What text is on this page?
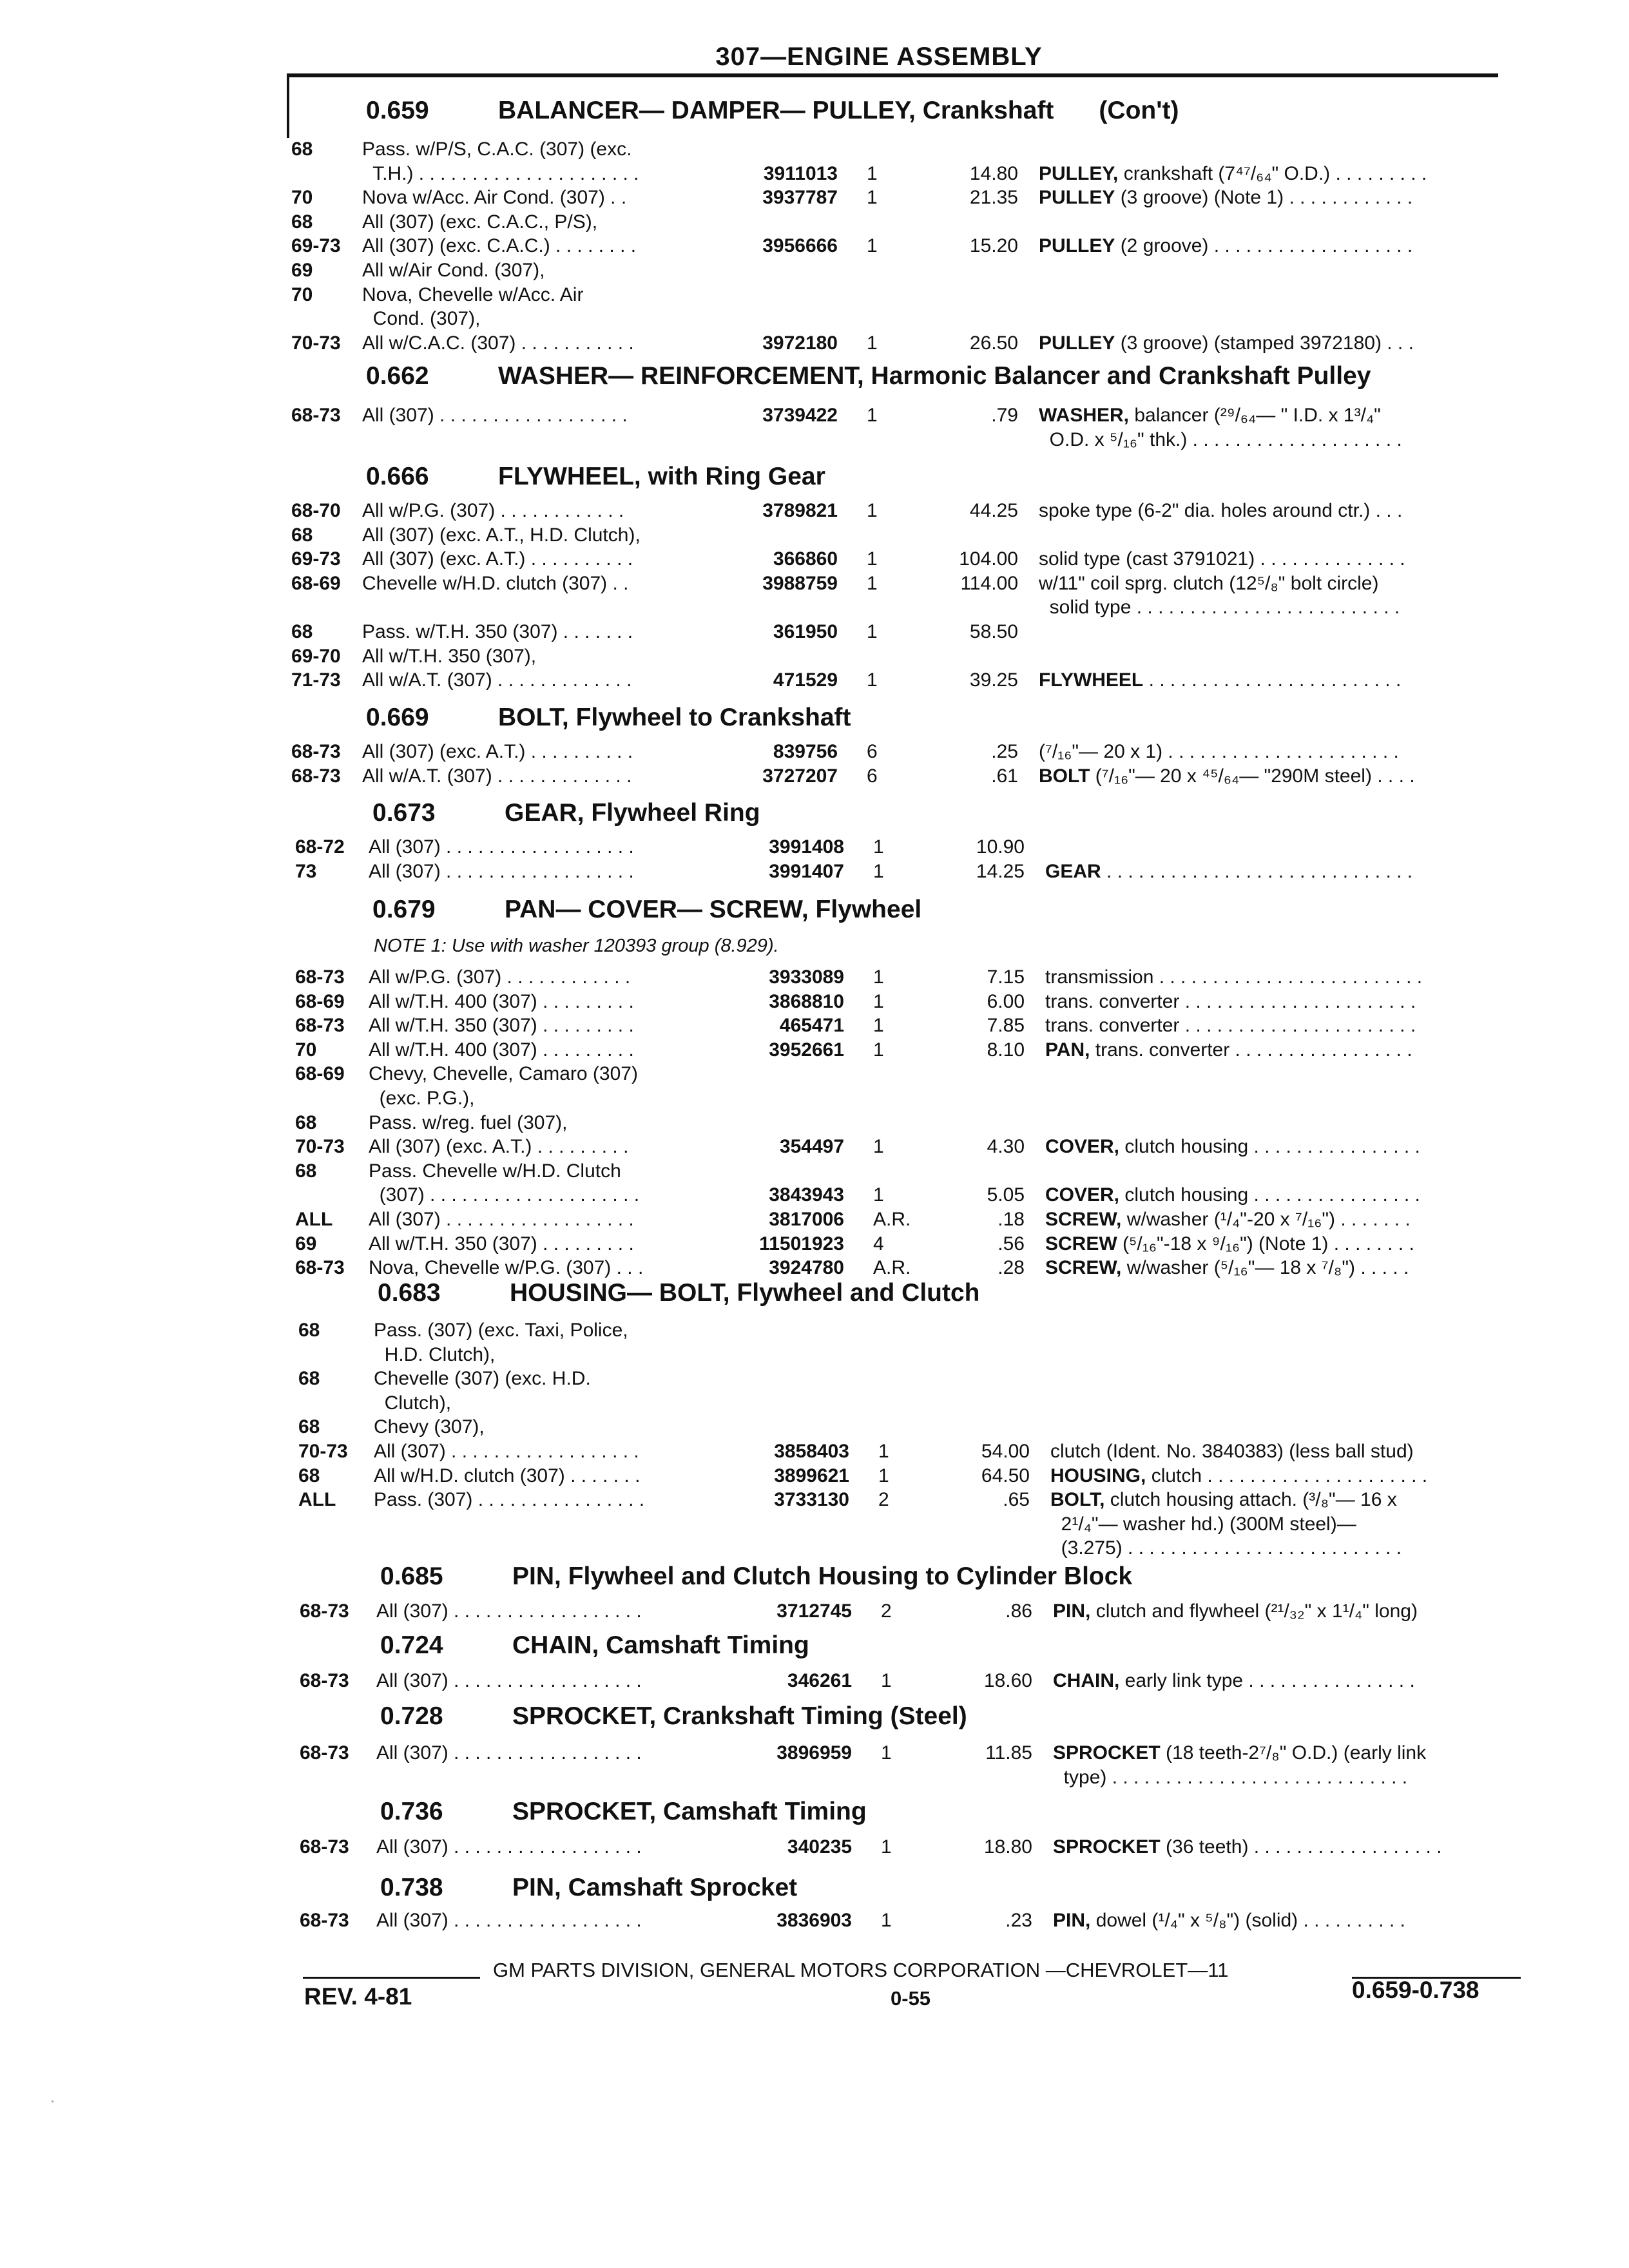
307—ENGINE ASSEMBLY
0.659	BALANCER— DAMPER— PULLEY, Crankshaft (Con't)
68	Pass. w/P/S, C.A.C. (307) (exc.
T.H.) . . . . . . . . . . . . . . . . . . . . .	3911013 1	14.80 PULLEY, crankshaft (7⁴⁷/₆₄" O.D.) . . . . . . . . .
70	Nova w/Acc. Air Cond. (307) . .	3937787 1	21.35 PULLEY (3 groove) (Note 1) . . . . . . . . . . . .
68	All (307) (exc. C.A.C., P/S),
69-73 All (307) (exc. C.A.C.) . . . . . . . .	3956666 1	15.20 PULLEY (2 groove) . . . . . . . . . . . . . . . . . . .
69	All w/Air Cond. (307),
70	Nova, Chevelle w/Acc. Air
Cond. (307),
70-73 All w/C.A.C. (307) . . . . . . . . . . .	3972180 1	26.50 PULLEY (3 groove) (stamped 3972180) . . .
0.662	WASHER— REINFORCEMENT, Harmonic Balancer and Crankshaft Pulley
68-73 All (307) . . . . . . . . . . . . . . . . . .	3739422 1	.79 WASHER, balancer (²⁹/₆₄— " I.D. x 1³/₄"
O.D. x ⁵/₁₆" thk.) . . . . . . . . . . . . . . . . . . . .
0.666	FLYWHEEL, with Ring Gear
68-70 All w/P.G. (307) . . . . . . . . . . . .	3789821 1	44.25 spoke type (6-2" dia. holes around ctr.) . . .
68	All (307) (exc. A.T., H.D. Clutch),
69-73 All (307) (exc. A.T.) . . . . . . . . . .	366860 1	104.00 solid type (cast 3791021) . . . . . . . . . . . . . .
68-69 Chevelle w/H.D. clutch (307) . .	3988759 1	114.00 w/11" coil sprg. clutch (12⁵/₈" bolt circle)
solid type . . . . . . . . . . . . . . . . . . . . . . . . .
68	Pass. w/T.H. 350 (307) . . . . . . .	361950 1	58.50
69-70 All w/T.H. 350 (307),
71-73 All w/A.T. (307) . . . . . . . . . . . . .	471529 1	39.25 FLYWHEEL . . . . . . . . . . . . . . . . . . . . . . . .
0.669	BOLT, Flywheel to Crankshaft
68-73 All (307) (exc. A.T.) . . . . . . . . . .	839756 6	.25 (⁷/₁₆"— 20 x 1) . . . . . . . . . . . . . . . . . . . . . .
68-73 All w/A.T. (307) . . . . . . . . . . . . .	3727207 6	.61 BOLT (⁷/₁₆"— 20 x ⁴⁵/₆₄— "290M steel) . . . .
0.673	GEAR, Flywheel Ring
68-72 All (307) . . . . . . . . . . . . . . . . . .	3991408 1	10.90
73	All (307) . . . . . . . . . . . . . . . . . .	3991407 1	14.25 GEAR . . . . . . . . . . . . . . . . . . . . . . . . . . . . .
0.679	PAN— COVER— SCREW, Flywheel
NOTE 1: Use with washer 120393 group (8.929).
68-73 All w/P.G. (307) . . . . . . . . . . . .	3933089 1	7.15 transmission . . . . . . . . . . . . . . . . . . . . . . . . .
68-69 All w/T.H. 400 (307) . . . . . . . . .	3868810 1	6.00 trans. converter . . . . . . . . . . . . . . . . . . . . . .
68-73 All w/T.H. 350 (307) . . . . . . . . .	465471 1	7.85 trans. converter . . . . . . . . . . . . . . . . . . . . . .
70	All w/T.H. 400 (307) . . . . . . . . .	3952661 1	8.10 PAN, trans. converter . . . . . . . . . . . . . . . . .
68-69 Chevy, Chevelle, Camaro (307)
(exc. P.G.),
68	Pass. w/reg. fuel (307),
70-73 All (307) (exc. A.T.) . . . . . . . . .	354497 1	4.30 COVER, clutch housing . . . . . . . . . . . . . . . .
68	Pass. Chevelle w/H.D. Clutch
(307) . . . . . . . . . . . . . . . . . . . .	3843943 1	5.05 COVER, clutch housing . . . . . . . . . . . . . . . .
ALL All (307) . . . . . . . . . . . . . . . . . .	3817006 A.R.	.18 SCREW, w/washer (¹/₄"-20 x ⁷/₁₆") . . . . . . .
69	All w/T.H. 350 (307) . . . . . . . . .	11501923 4	.56 SCREW (⁵/₁₆"-18 x ⁹/₁₆") (Note 1) . . . . . . . .
68-73 Nova, Chevelle w/P.G. (307) . . .	3924780 A.R.	.28 SCREW, w/washer (⁵/₁₆"— 18 x ⁷/₈") . . . . .
0.683	HOUSING— BOLT, Flywheel and Clutch
68	Pass. (307) (exc. Taxi, Police,
H.D. Clutch),
68	Chevelle (307) (exc. H.D.
Clutch),
68	Chevy (307),
70-73 All (307) . . . . . . . . . . . . . . . . . .	3858403 1	54.00 clutch (Ident. No. 3840383) (less ball stud)
68	All w/H.D. clutch (307) . . . . . . .	3899621 1	64.50 HOUSING, clutch . . . . . . . . . . . . . . . . . . . . .
ALL Pass. (307) . . . . . . . . . . . . . . . .	3733130 2	.65 BOLT, clutch housing attach. (³/₈"— 16 x
2¹/₄"— washer hd.) (300M steel)—
(3.275) . . . . . . . . . . . . . . . . . . . . . . . . . .
0.685	PIN, Flywheel and Clutch Housing to Cylinder Block
68-73 All (307) . . . . . . . . . . . . . . . . . .	3712745 2	.86 PIN, clutch and flywheel (²¹/₃₂" x 1¹/₄" long)
0.724	CHAIN, Camshaft Timing
68-73 All (307) . . . . . . . . . . . . . . . . . .	346261 1	18.60 CHAIN, early link type . . . . . . . . . . . . . . . .
0.728	SPROCKET, Crankshaft Timing (Steel)
68-73 All (307) . . . . . . . . . . . . . . . . . .	3896959 1	11.85 SPROCKET (18 teeth-2⁷/₈" O.D.) (early link
type) . . . . . . . . . . . . . . . . . . . . . . . . . . . .
0.736	SPROCKET, Camshaft Timing
68-73 All (307) . . . . . . . . . . . . . . . . . .	340235 1	18.80 SPROCKET (36 teeth) . . . . . . . . . . . . . . . . . .
0.738	PIN, Camshaft Sprocket
68-73 All (307) . . . . . . . . . . . . . . . . . .	3836903 1	.23 PIN, dowel (¹/₄" x ⁵/₈") (solid) . . . . . . . . . .
GM PARTS DIVISION, GENERAL MOTORS CORPORATION —CHEVROLET—11
REV. 4-81	0-55	0.659-0.738
